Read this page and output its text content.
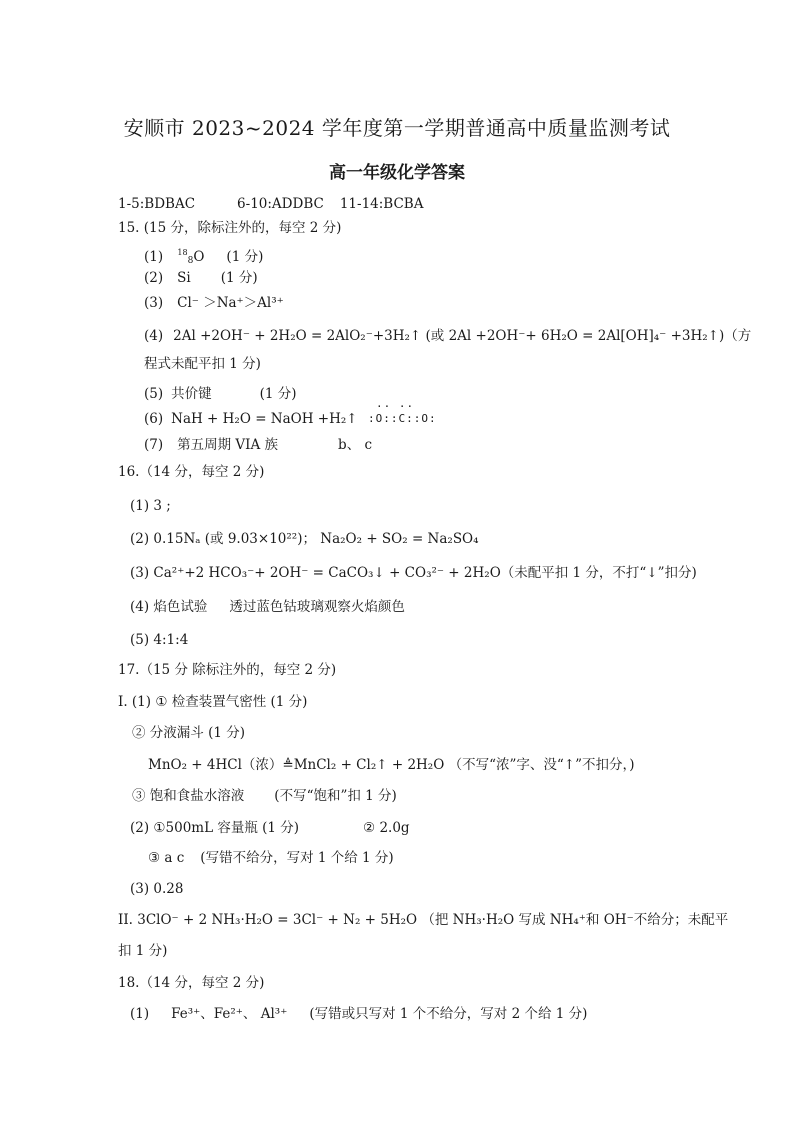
安顺市 2023~2024 学年度第一学期普通高中质量监测考试
高一年级化学答案
1-5:BDBAC	6-10:ADDBC 11-14:BCBA
15. (15 分，除标注外的，每空 2 分)
(1) $^{18}_8$O (1 分)
(2) Si (1 分)
(3) Cl⁻ ＞Na⁺＞Al³⁺
(4) 2Al +2OH⁻ + 2H₂O = 2AlO₂⁻+3H₂↑ (或 2Al +2OH⁻+ 6H₂O = 2Al[OH]₄⁻ +3H₂↑)（方
程式未配平扣 1 分)
(5) 共价键	(1 分)
(6) NaH + H₂O = NaOH +H₂↑
·· ··
:O::C::O:
(7) 第五周期 VIA 族	b、 c
16.（14 分，每空 2 分)
(1) 3 ;
(2) 0.15Nₐ (或 9.03×10²²)； Na₂O₂ + SO₂ = Na₂SO₄
(3) Ca²⁺+2 HCO₃⁻+ 2OH⁻ = CaCO₃↓ + CO₃²⁻ + 2H₂O（未配平扣 1 分，不打“↓”扣分)
(4) 焰色试验 透过蓝色钴玻璃观察火焰颜色
(5) 4:1:4
17.（15 分 除标注外的，每空 2 分)
I. (1) ① 检查装置气密性 (1 分)
② 分液漏斗 (1 分)
MnO₂ + 4HCl（浓）≜MnCl₂ + Cl₂↑ + 2H₂O （不写“浓”字、没“↑”不扣分，)
③ 饱和食盐水溶液 (不写“饱和”扣 1 分)
(2) ①500mL 容量瓶 (1 分)	② 2.0g
③ a c (写错不给分，写对 1 个给 1 分)
(3) 0.28
II. 3ClO⁻ + 2 NH₃·H₂O = 3Cl⁻ + N₂ + 5H₂O （把 NH₃·H₂O 写成 NH₄⁺和 OH⁻不给分；未配平
扣 1 分)
18.（14 分，每空 2 分)
(1) Fe³⁺、Fe²⁺、 Al³⁺ (写错或只写对 1 个不给分，写对 2 个给 1 分)
